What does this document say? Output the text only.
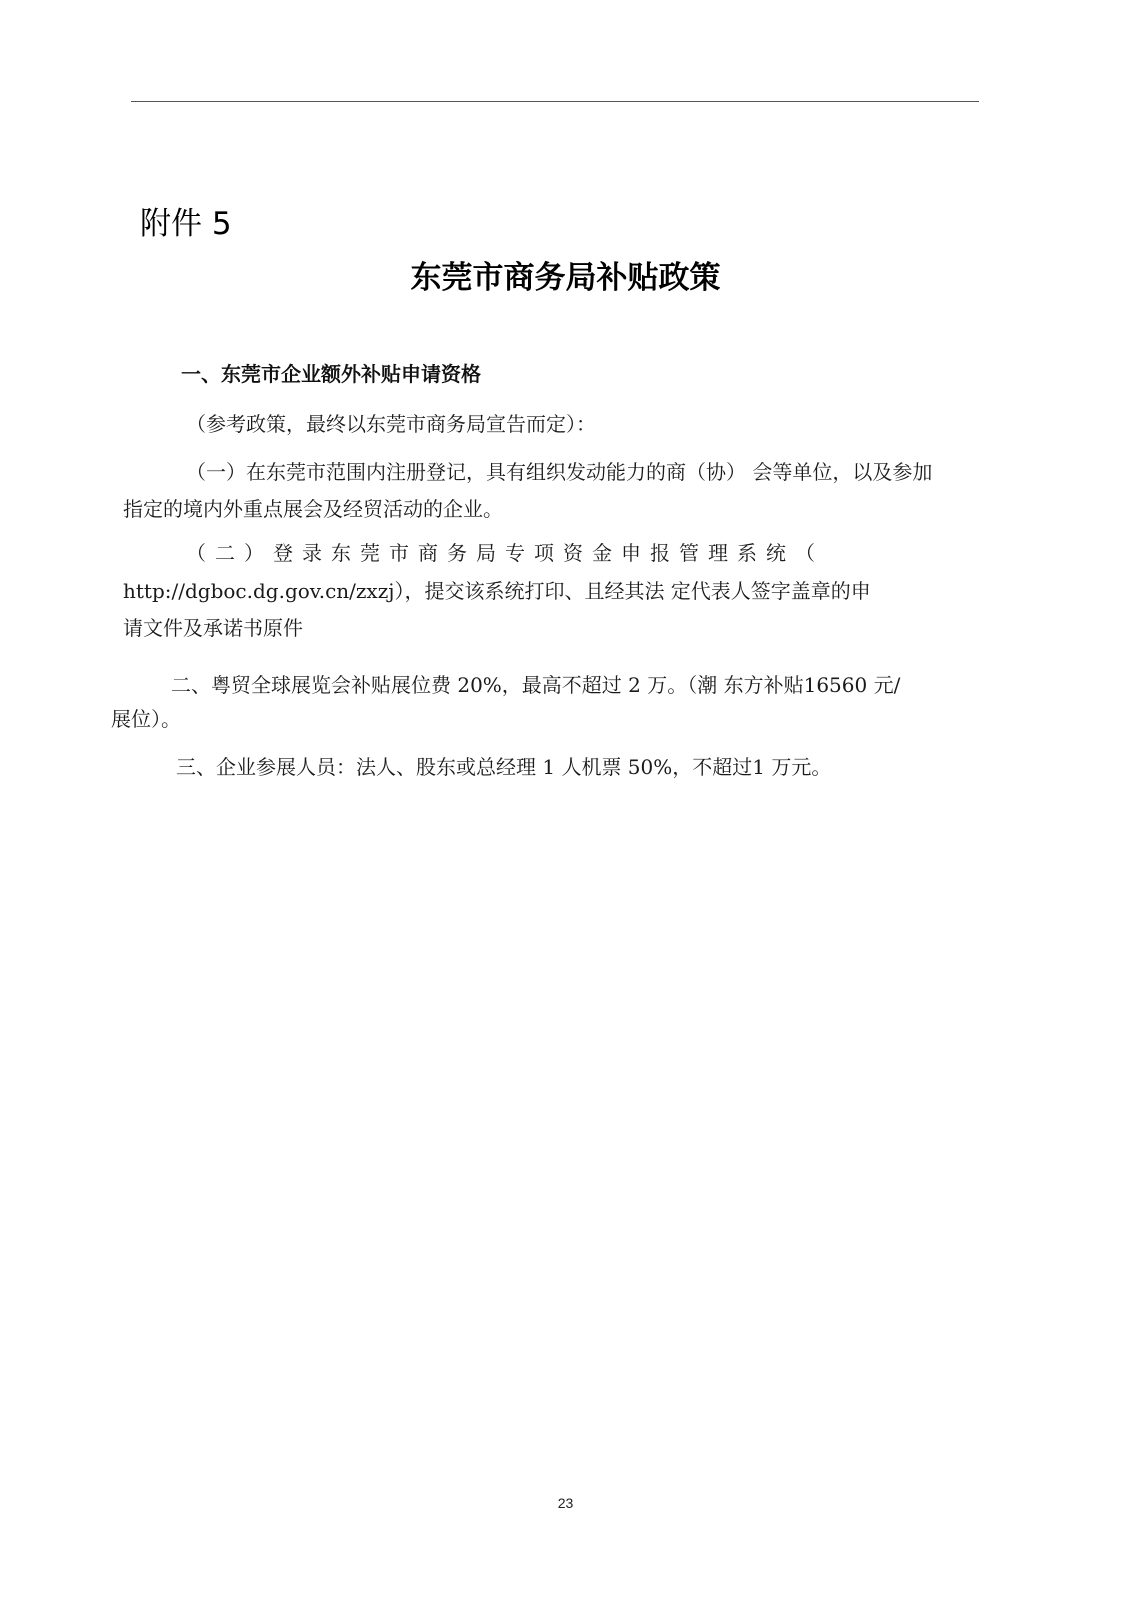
附件 5
东莞市商务局补贴政策
一、东莞市企业额外补贴申请资格
（参考政策，最终以东莞市商务局宣告而定）：
（一）在东莞市范围内注册登记，具有组织发动能力的商（协） 会等单位，以及参加
指定的境内外重点展会及经贸活动的企业。
（二）登录东莞市商务局专项资金申报管理系统（
http://dgboc.dg.gov.cn/zxzj），提交该系统打印、且经其法 定代表人签字盖章的申
请文件及承诺书原件
二、粤贸全球展览会补贴展位费 20%，最高不超过 2 万。（潮 东方补贴16560 元/
展位）。
三、企业参展人员：法人、股东或总经理 1 人机票 50%，不超过1 万元。
23
